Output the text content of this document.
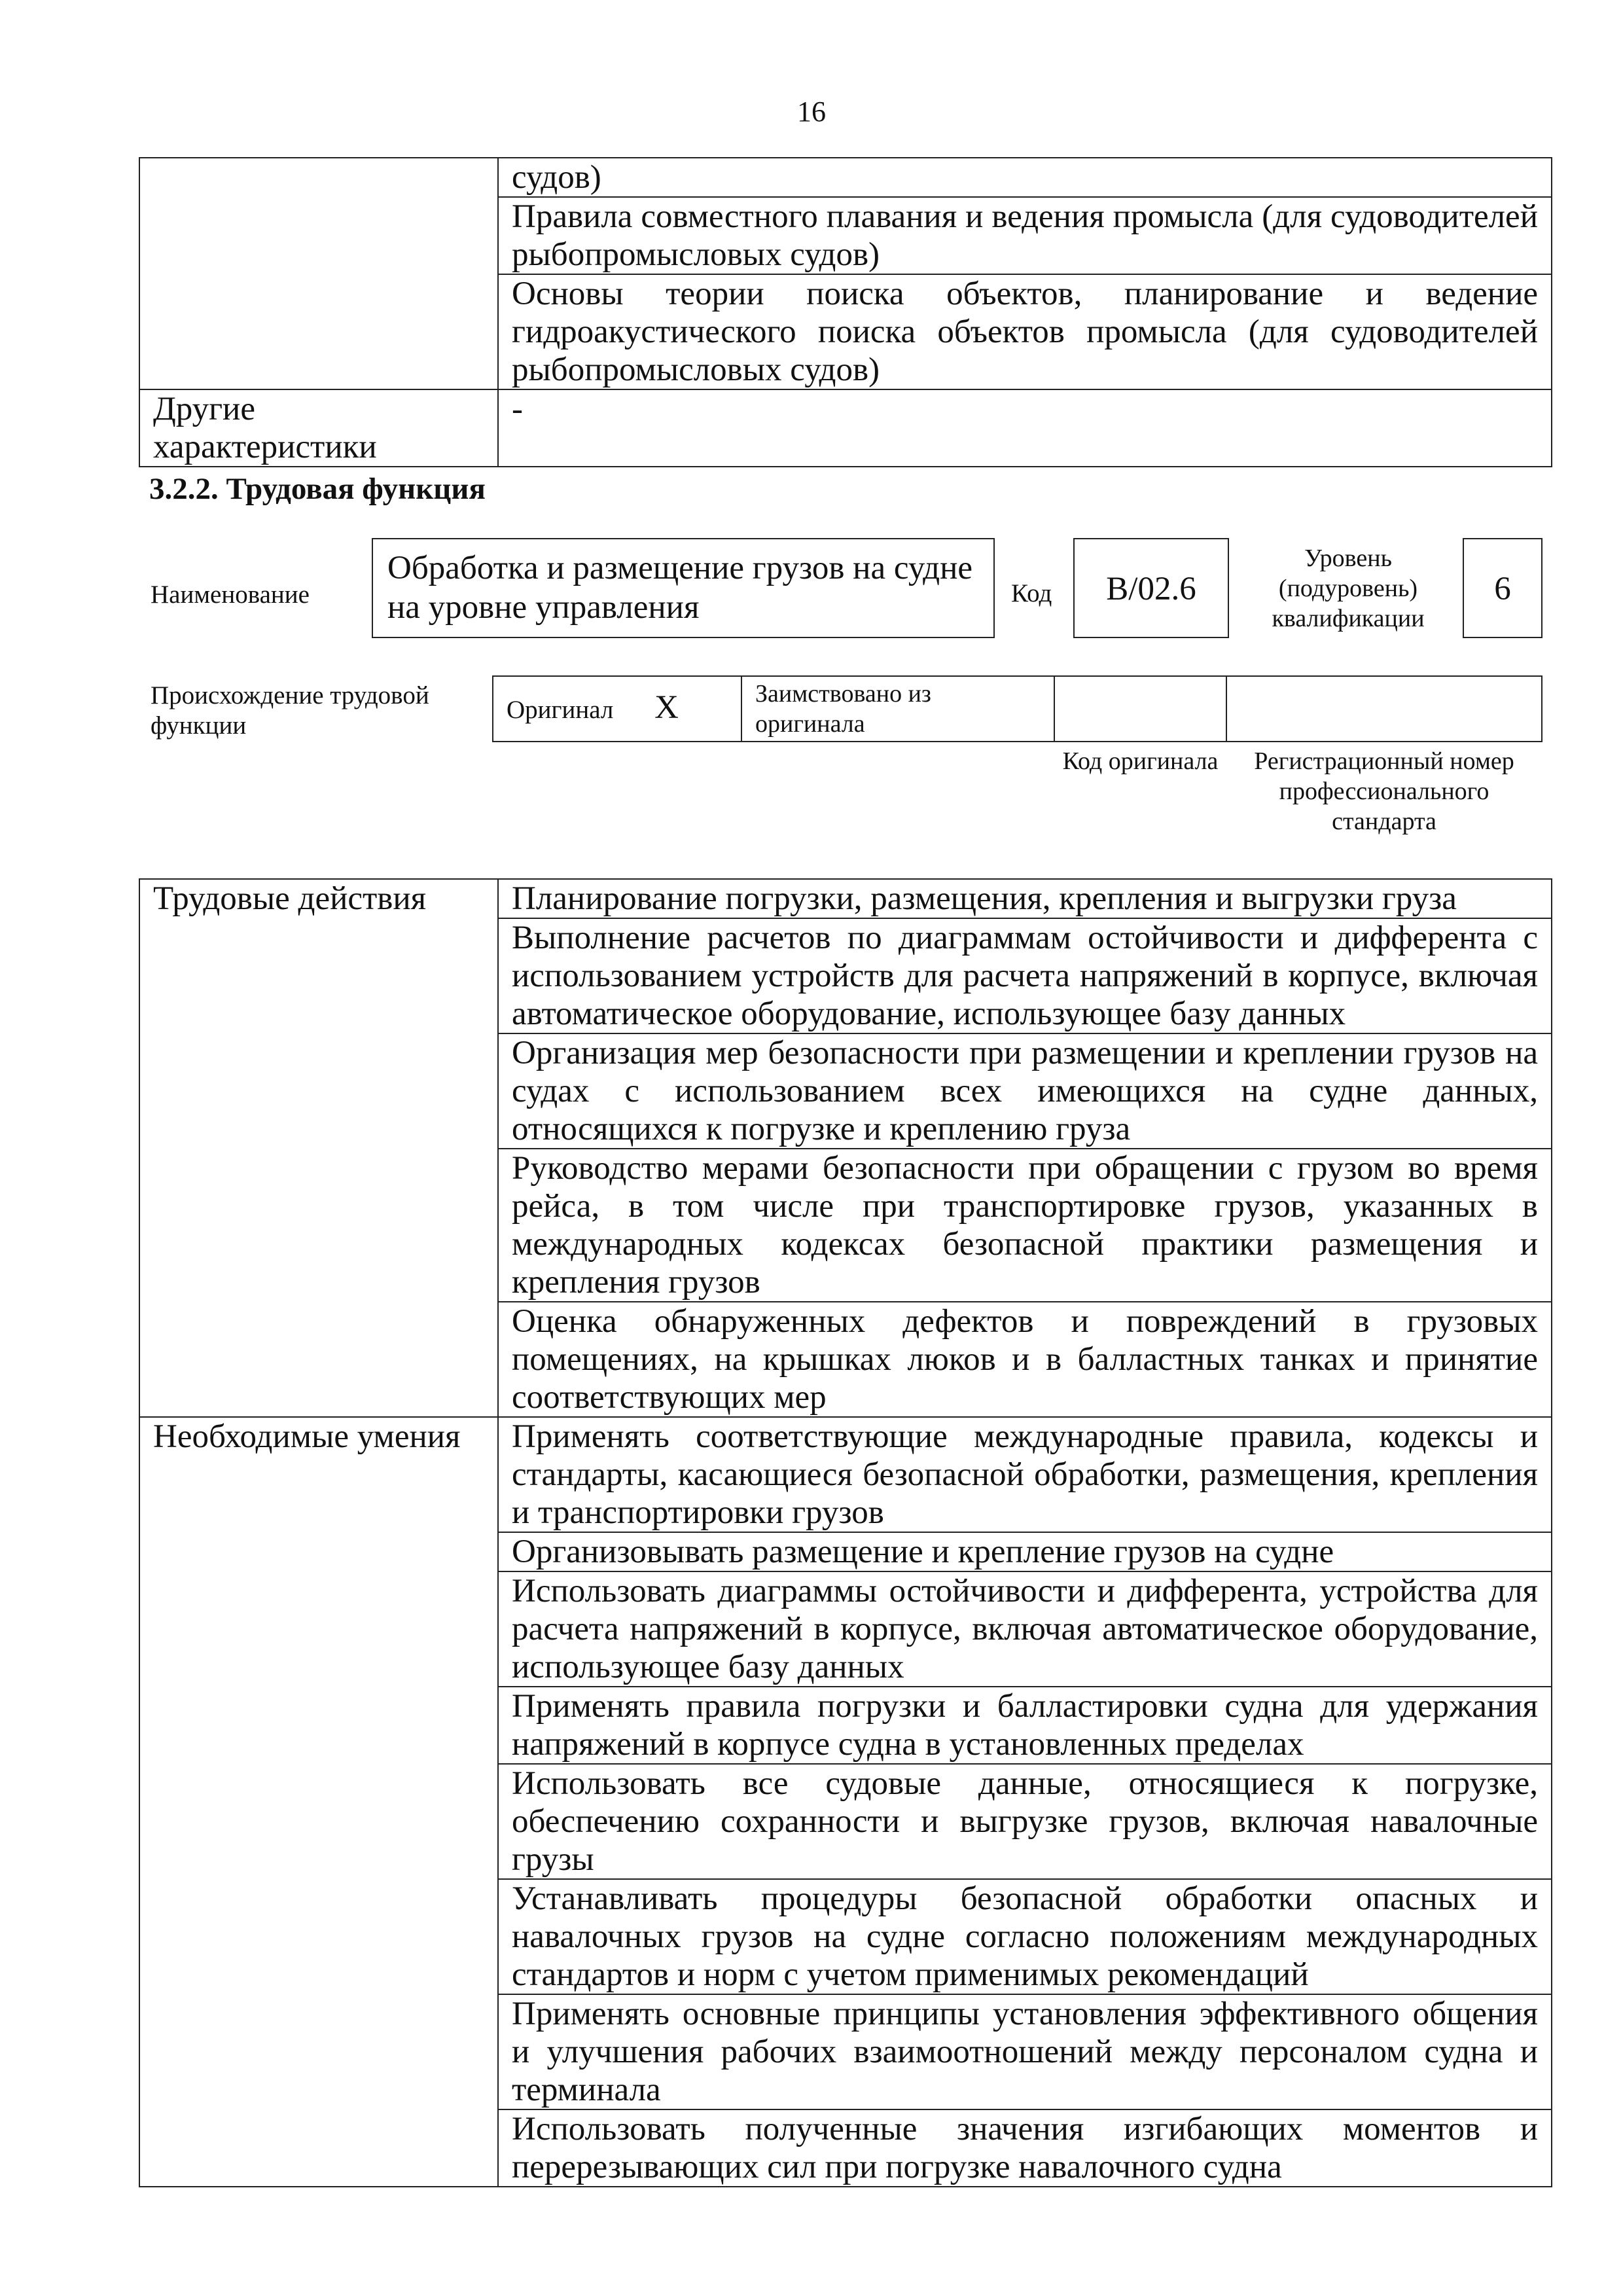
16
	судов)
	Правила совместного плавания и ведения промысла (для судоводителей рыбопромысловых судов)
	Основы теории поиска объектов, планирование и ведение гидроакустического поиска объектов промысла (для судоводителей рыбопромысловых судов)
Другие характеристики	-
3.2.2. Трудовая функция
Наименование
Обработка и размещение грузов на судне на уровне управления	Код	B/02.6
Уровень (подуровень) квалификации
6
Происхождение трудовой функции
Оригинал X	Заимствовано из оригинала		
Код оригинала	Регистрационный номер профессионального стандарта
Трудовые действия	Планирование погрузки, размещения, крепления и выгрузки груза
	Выполнение расчетов по диаграммам остойчивости и дифферента с использованием устройств для расчета напряжений в корпусе, включая автоматическое оборудование, использующее базу данных
	Организация мер безопасности при размещении и креплении грузов на судах с использованием всех имеющихся на судне данных, относящихся к погрузке и креплению груза
	Руководство мерами безопасности при обращении с грузом во время рейса, в том числе при транспортировке грузов, указанных в международных кодексах безопасной практики размещения и крепления грузов
	Оценка обнаруженных дефектов и повреждений в грузовых помещениях, на крышках люков и в балластных танках и принятие соответствующих мер
Необходимые умения	Применять соответствующие международные правила, кодексы и стандарты, касающиеся безопасной обработки, размещения, крепления и транспортировки грузов
	Организовывать размещение и крепление грузов на судне
	Использовать диаграммы остойчивости и дифферента, устройства для расчета напряжений в корпусе, включая автоматическое оборудование, использующее базу данных
	Применять правила погрузки и балластировки судна для удержания напряжений в корпусе судна в установленных пределах
	Использовать все судовые данные, относящиеся к погрузке, обеспечению сохранности и выгрузке грузов, включая навалочные грузы
	Устанавливать процедуры безопасной обработки опасных и навалочных грузов на судне согласно положениям международных стандартов и норм с учетом применимых рекомендаций
	Применять основные принципы установления эффективного общения и улучшения рабочих взаимоотношений между персоналом судна и терминала
	Использовать полученные значения изгибающих моментов и перерезывающих сил при погрузке навалочного судна
